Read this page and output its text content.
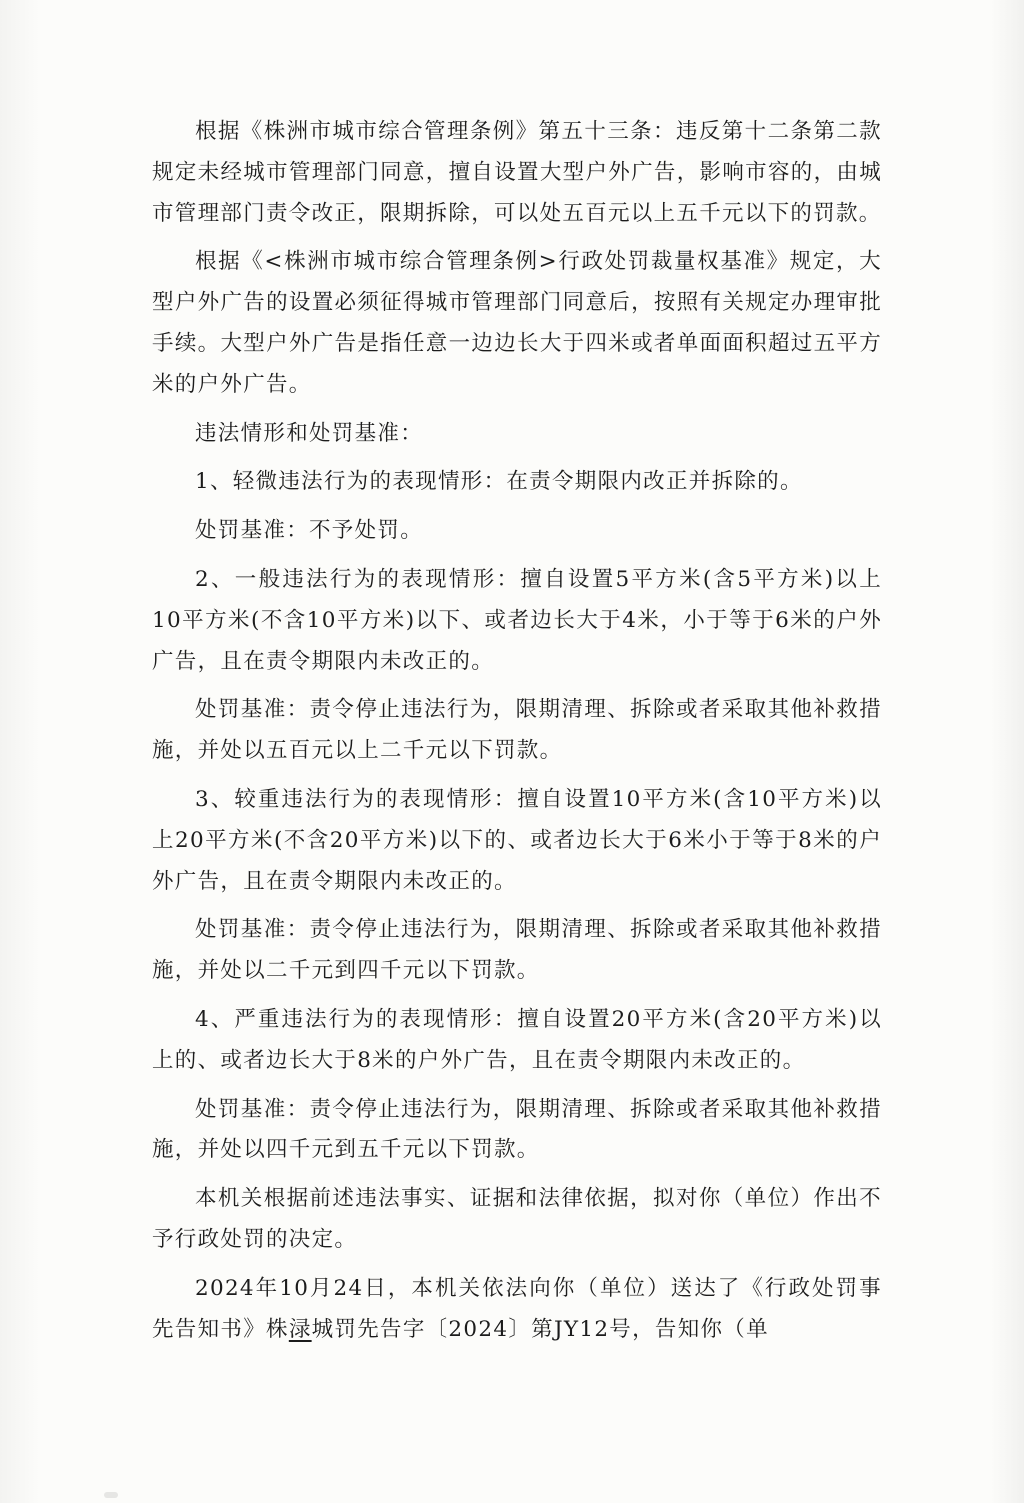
根据《株洲市城市综合管理条例》第五十三条：违反第十二条第二款规定未经城市管理部门同意，擅自设置大型户外广告，影响市容的，由城市管理部门责令改正，限期拆除，可以处五百元以上五千元以下的罚款。

根据《<株洲市城市综合管理条例>行政处罚裁量权基准》规定，大型户外广告的设置必须征得城市管理部门同意后，按照有关规定办理审批手续。大型户外广告是指任意一边边长大于四米或者单面面积超过五平方米的户外广告。

违法情形和处罚基准：

1、轻微违法行为的表现情形：在责令期限内改正并拆除的。

处罚基准：不予处罚。

2、一般违法行为的表现情形：擅自设置5平方米(含5平方米)以上10平方米(不含10平方米)以下、或者边长大于4米，小于等于6米的户外广告，且在责令期限内未改正的。

处罚基准：责令停止违法行为，限期清理、拆除或者采取其他补救措施，并处以五百元以上二千元以下罚款。

3、较重违法行为的表现情形：擅自设置10平方米(含10平方米)以上20平方米(不含20平方米)以下的、或者边长大于6米小于等于8米的户外广告，且在责令期限内未改正的。

处罚基准：责令停止违法行为，限期清理、拆除或者采取其他补救措施，并处以二千元到四千元以下罚款。

4、严重违法行为的表现情形：擅自设置20平方米(含20平方米)以上的、或者边长大于8米的户外广告，且在责令期限内未改正的。

处罚基准：责令停止违法行为，限期清理、拆除或者采取其他补救措施，并处以四千元到五千元以下罚款。

本机关根据前述违法事实、证据和法律依据，拟对你（单位）作出不予行政处罚的决定。

2024年10月24日，本机关依法向你（单位）送达了《行政处罚事先告知书》株渌城罚先告字〔2024〕第JY12号，告知你（单
